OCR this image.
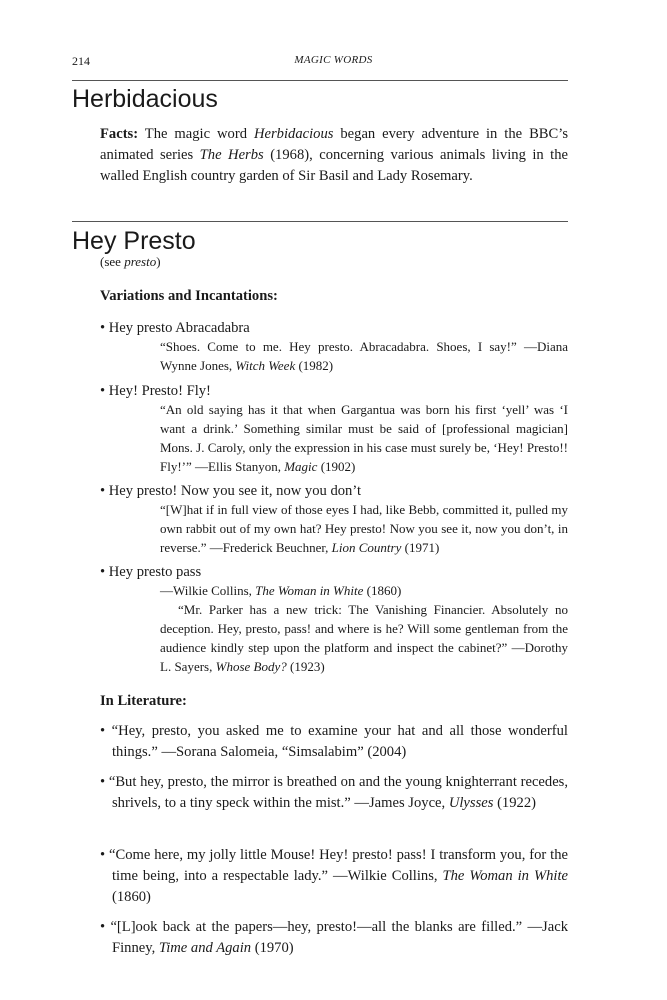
214	MAGIC WORDS
Herbidacious
Facts: The magic word Herbidacious began every adventure in the BBC’s animated series The Herbs (1968), concerning various animals living in the walled English country garden of Sir Basil and Lady Rosemary.
Hey Presto
(see presto)
Variations and Incantations:
• Hey presto Abracadabra
“Shoes. Come to me. Hey presto. Abracadabra. Shoes, I say!” —Diana Wynne Jones, Witch Week (1982)
• Hey! Presto! Fly!
“An old saying has it that when Gargantua was born his first ‘yell’ was ‘I want a drink.’ Something similar must be said of [professional magician] Mons. J. Caroly, only the expression in his case must surely be, ‘Hey! Presto!! Fly!’” —Ellis Stanyon, Magic (1902)
• Hey presto! Now you see it, now you don’t
“[W]hat if in full view of those eyes I had, like Bebb, committed it, pulled my own rabbit out of my own hat? Hey presto! Now you see it, now you don’t, in reverse.” —Frederick Beuchner, Lion Country (1971)
• Hey presto pass
—Wilkie Collins, The Woman in White (1860)
“Mr. Parker has a new trick: The Vanishing Financier. Absolutely no deception. Hey, presto, pass! and where is he? Will some gentleman from the audience kindly step upon the platform and inspect the cabinet?” —Dorothy L. Sayers, Whose Body? (1923)
In Literature:
• “Hey, presto, you asked me to examine your hat and all those wonderful things.” —Sorana Salomeia, “Simsalabim” (2004)
• “But hey, presto, the mirror is breathed on and the young knighterrant recedes, shrivels, to a tiny speck within the mist.” —James Joyce, Ulysses (1922)
• “Come here, my jolly little Mouse! Hey! presto! pass! I transform you, for the time being, into a respectable lady.” —Wilkie Collins, The Woman in White (1860)
• “[L]ook back at the papers—hey, presto!—all the blanks are filled.” —Jack Finney, Time and Again (1970)
